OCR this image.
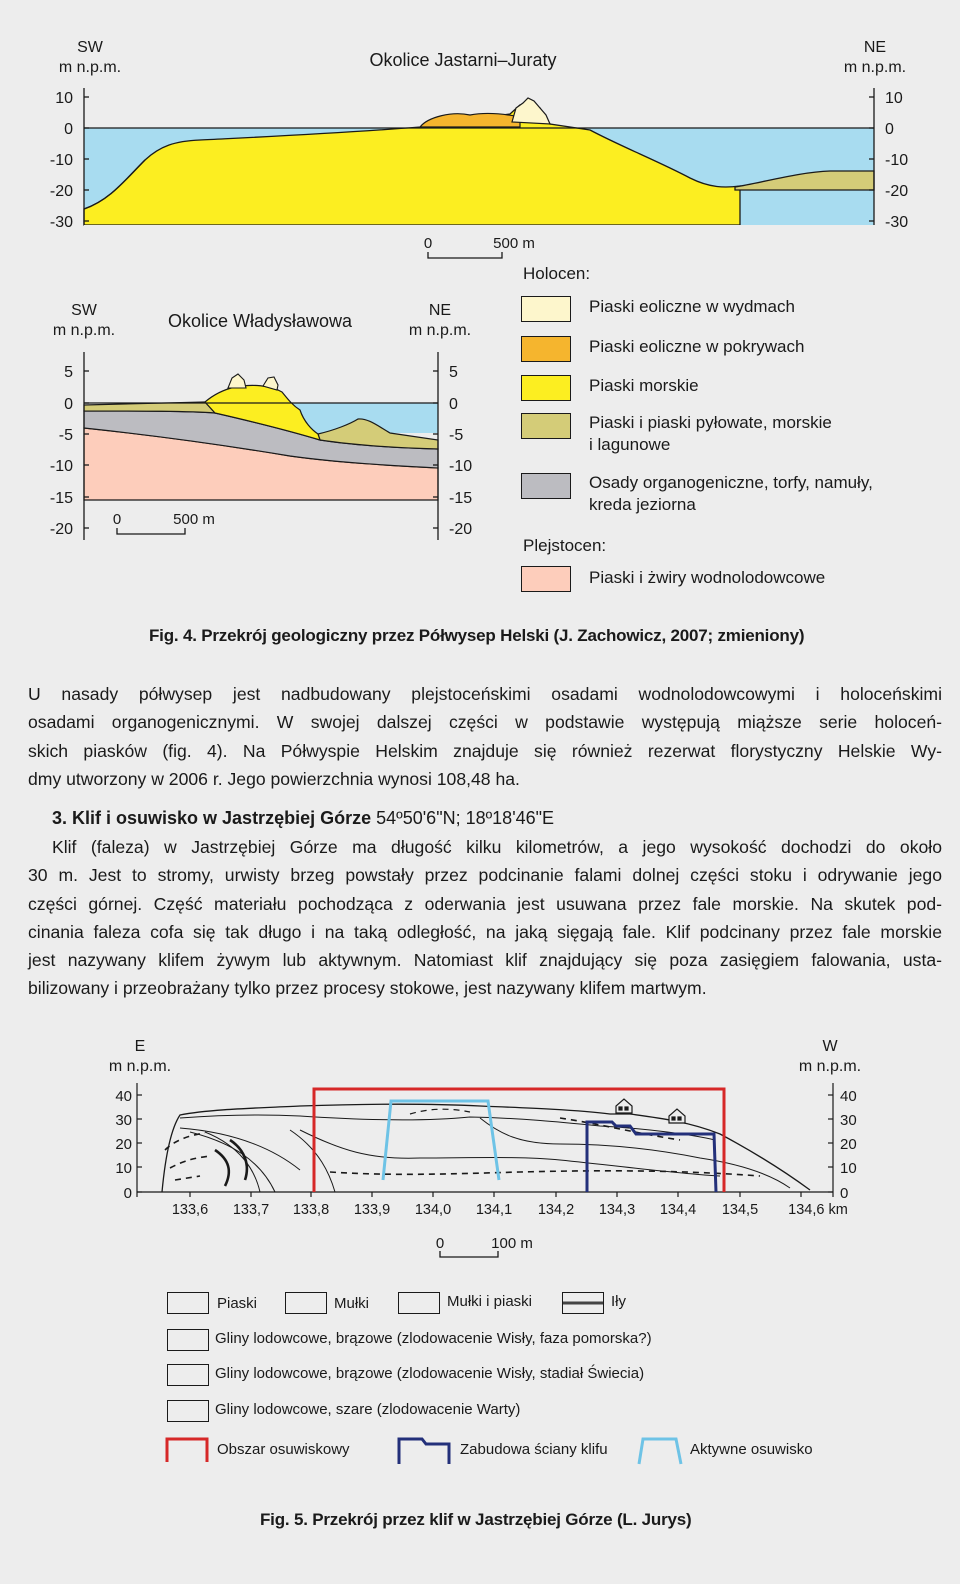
SW
m n.p.m.
NE
m n.p.m.
Okolice Jastarni–Juraty
10
0
-10
-20
-30
10
0
-10
-20
-30
0	500 m
SW
m n.p.m.
NE
m n.p.m.
Okolice Władysławowa
5
0
-5
-10
-15
-20
5
0
-5
-10
-15
-20
0	500 m
Holocen:
Piaski eoliczne w wydmach
Piaski eoliczne w pokrywach
Piaski morskie
Piaski i piaski pyłowate, morskie
i lagunowe
Osady organogeniczne, torfy, namuły,
kreda jeziorna
Plejstocen:
Piaski i żwiry wodnolodowcowe
Fig. 4. Przekrój geologiczny przez Półwysep Helski (J. Zachowicz, 2007; zmieniony)
U nasady półwysep jest nadbudowany plejstoceńskimi osadami wodnolodowcowymi i holoceńskimi
osadami organogenicznymi. W swojej dalszej części w podstawie występują miąższe serie holoceń-
skich piasków (fig. 4). Na Półwyspie Helskim znajduje się również rezerwat florystyczny Helskie Wy-
dmy utworzony w 2006 r. Jego powierzchnia wynosi 108,48 ha.
3. Klif i osuwisko w Jastrzębiej Górze 54º50'6"N; 18º18'46"E
Klif (faleza) w Jastrzębiej Górze ma długość kilku kilometrów, a jego wysokość dochodzi do około
30 m. Jest to stromy, urwisty brzeg powstały przez podcinanie falami dolnej części stoku i odrywanie jego
części górnej. Część materiału pochodząca z oderwania jest usuwana przez fale morskie. Na skutek pod-
cinania faleza cofa się tak długo i na taką odległość, na jaką sięgają fale. Klif podcinany przez fale morskie
jest nazywany klifem żywym lub aktywnym. Natomiast klif znajdujący się poza zasięgiem falowania, usta-
bilizowany i przeobrażany tylko przez procesy stokowe, jest nazywany klifem martwym.
E
m n.p.m.
W
m n.p.m.
40
30
20
10
0
40
30
20
10
0
133,6 133,7 133,8 133,9 134,0 134,1 134,2 134,3 134,4 134,5 134,6 km
0	100 m
Piaski	Mułki	Mułki i piaski	Iły
Gliny lodowcowe, brązowe (zlodowacenie Wisły, faza pomorska?)
Gliny lodowcowe, brązowe (zlodowacenie Wisły, stadiał Świecia)
Gliny lodowcowe, szare (zlodowacenie Warty)
Obszar osuwiskowy	Zabudowa ściany klifu	Aktywne osuwisko
Fig. 5. Przekrój przez klif w Jastrzębiej Górze (L. Jurys)
